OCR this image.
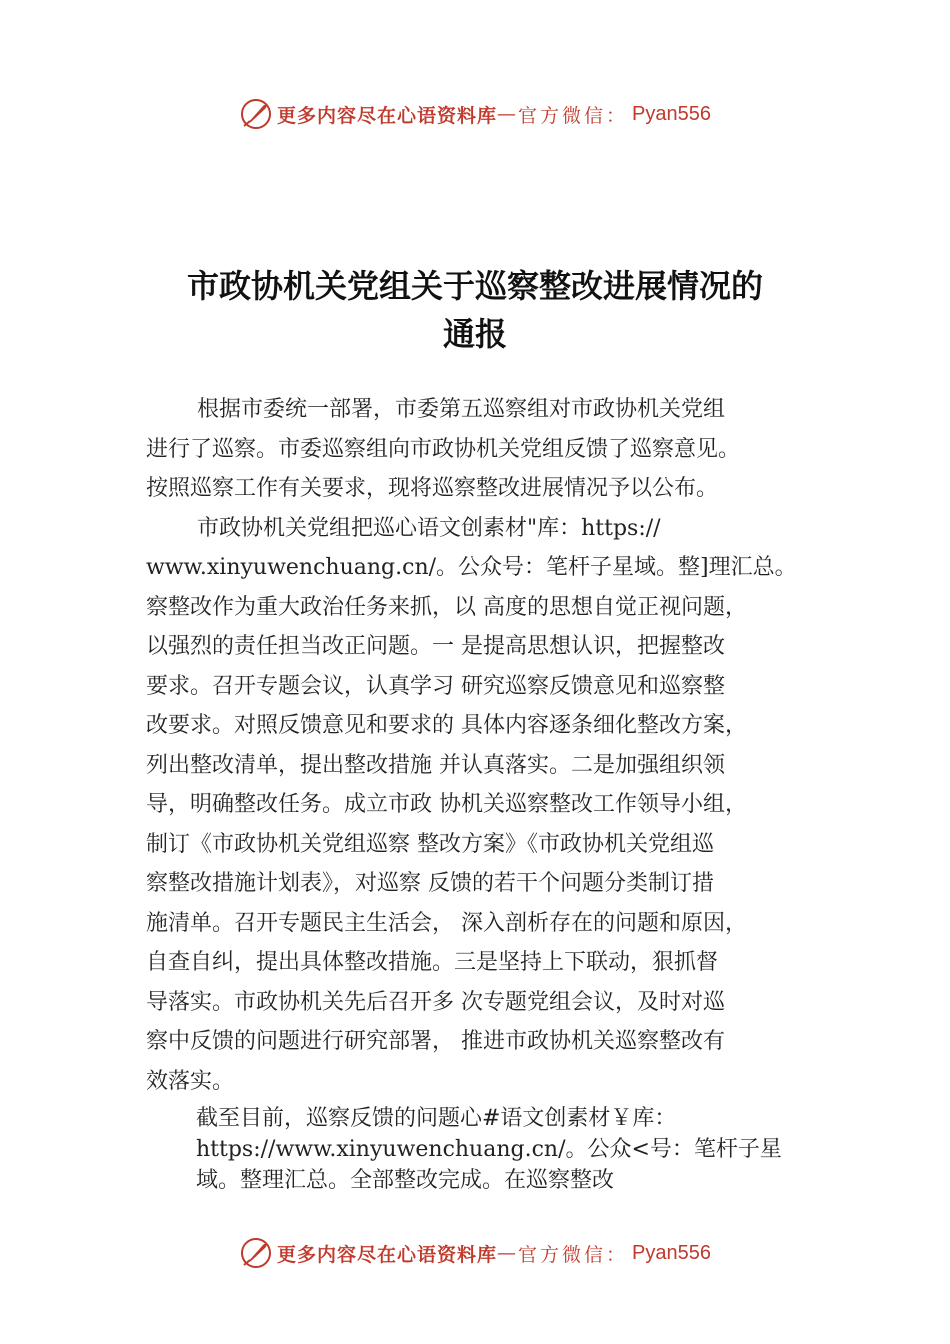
更多内容尽在心语资料库 — 官方微信： Pyan556
市政协机关党组关于巡察整改进展情况的
通报
根据市委统一部署，市委第五巡察组对市政协机关党组
进行了巡察。市委巡察组向市政协机关党组反馈了巡察意见。
按照巡察工作有关要求，现将巡察整改进展情况予以公布。
市政协机关党组把巡心语文创素材"库：https://
www.xinyuwenchuang.cn/。公众号：笔杆子星域。整]理汇总。
察整改作为重大政治任务来抓，以 高度的思想自觉正视问题，
以强烈的责任担当改正问题。一 是提高思想认识，把握整改
要求。召开专题会议，认真学习 研究巡察反馈意见和巡察整
改要求。对照反馈意见和要求的 具体内容逐条细化整改方案，
列出整改清单，提出整改措施 并认真落实。二是加强组织领
导，明确整改任务。成立市政 协机关巡察整改工作领导小组，
制订《市政协机关党组巡察 整改方案》《市政协机关党组巡
察整改措施计划表》，对巡察 反馈的若干个问题分类制订措
施清单。召开专题民主生活会， 深入剖析存在的问题和原因，
自查自纠，提出具体整改措施。三是坚持上下联动，狠抓督
导落实。市政协机关先后召开多 次专题党组会议，及时对巡
察中反馈的问题进行研究部署， 推进市政协机关巡察整改有
效落实。
截至目前，巡察反馈的问题心#语文创素材￥库：
https://www.xinyuwenchuang.cn/。公众<号：笔杆子星
域。整理汇总。全部整改完成。在巡察整改
更多内容尽在心语资料库 — 官方微信： Pyan556
